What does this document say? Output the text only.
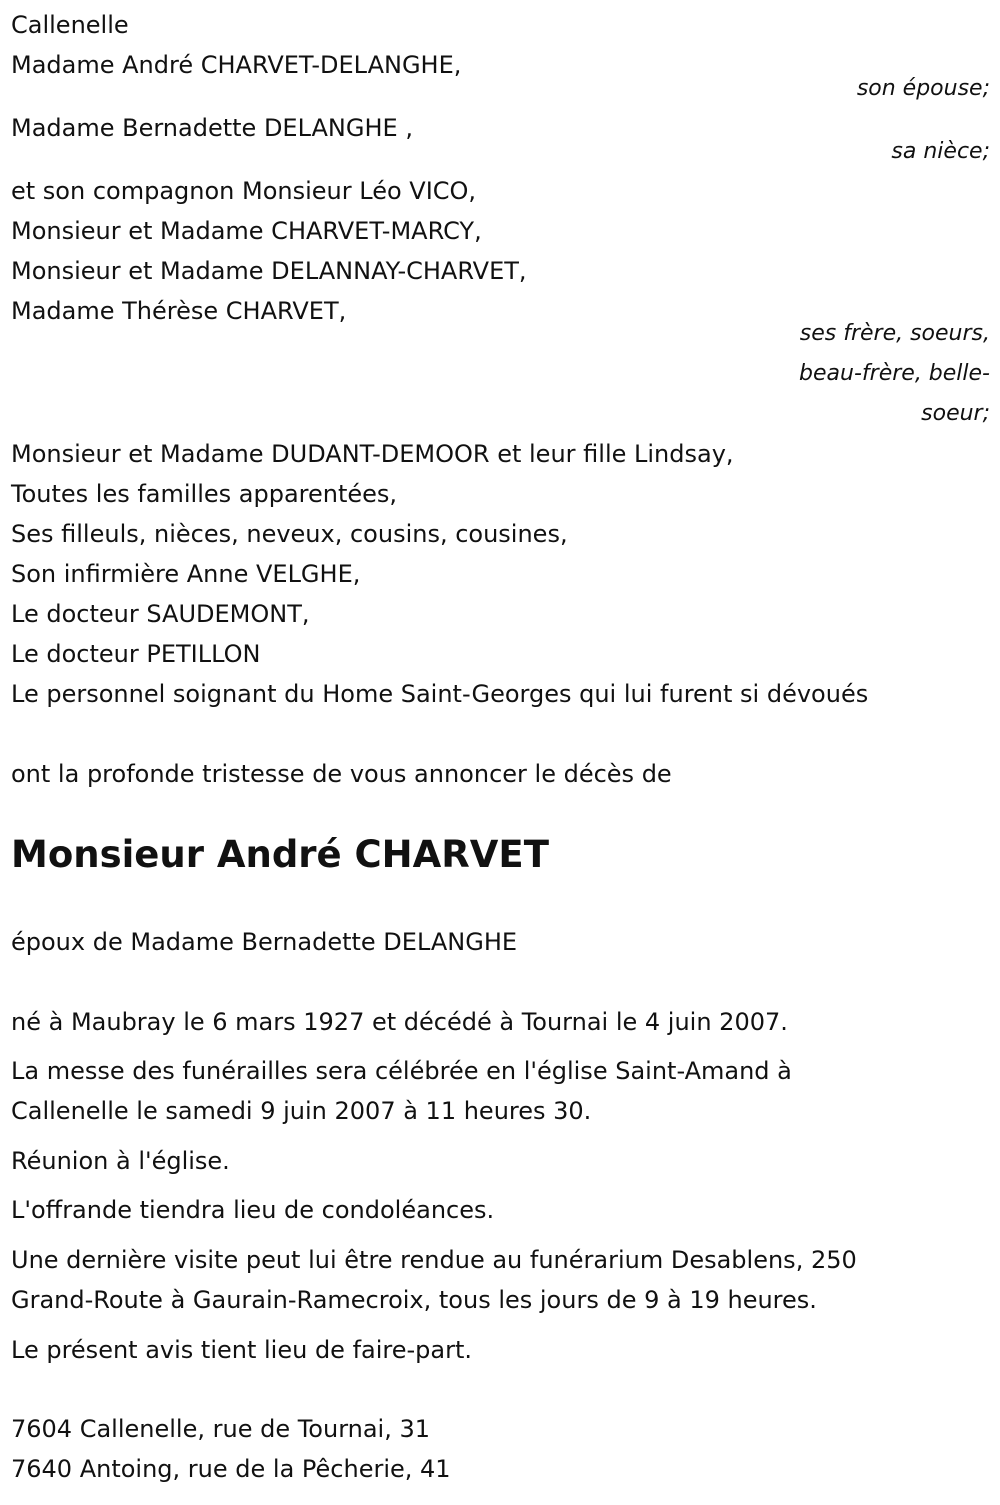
Callenelle
Madame André CHARVET-DELANGHE,
son épouse;
Madame Bernadette DELANGHE ,
sa nièce;
et son compagnon Monsieur Léo VICO,
Monsieur et Madame CHARVET-MARCY,
Monsieur et Madame DELANNAY-CHARVET,
Madame Thérèse CHARVET,
ses frère, soeurs,
beau-frère, belle-
soeur;
Monsieur et Madame DUDANT-DEMOOR et leur fille Lindsay,
Toutes les familles apparentées,
Ses filleuls, nièces, neveux, cousins, cousines,
Son infirmière Anne VELGHE,
Le docteur SAUDEMONT,
Le docteur PETILLON
Le personnel soignant du Home Saint-Georges qui lui furent si dévoués
ont la profonde tristesse de vous annoncer le décès de
Monsieur André CHARVET
époux de Madame Bernadette DELANGHE
né à Maubray le 6 mars 1927 et décédé à Tournai le 4 juin 2007.
La messe des funérailles sera célébrée en l'église Saint-Amand à
Callenelle le samedi 9 juin 2007 à 11 heures 30.
Réunion à l'église.
L'offrande tiendra lieu de condoléances.
Une dernière visite peut lui être rendue au funérarium Desablens, 250
Grand-Route à Gaurain-Ramecroix, tous les jours de 9 à 19 heures.
Le présent avis tient lieu de faire-part.
7604 Callenelle, rue de Tournai, 31
7640 Antoing, rue de la Pêcherie, 41
